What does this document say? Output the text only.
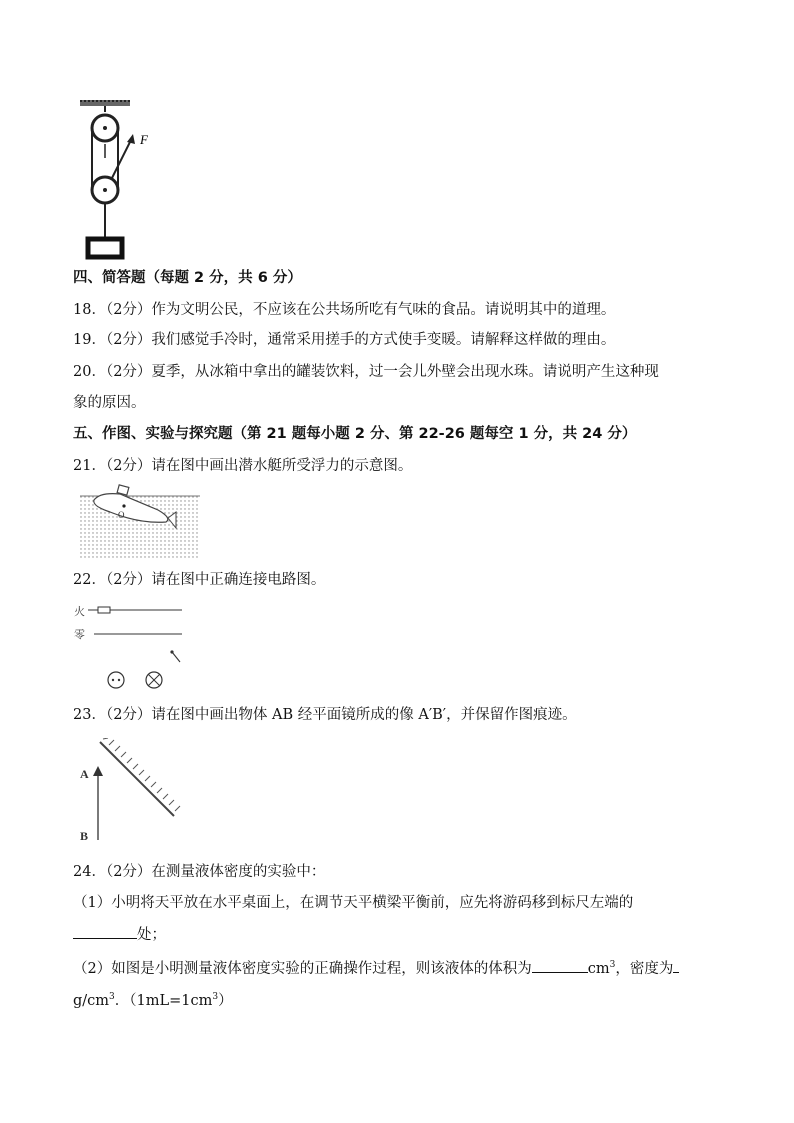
F
四、简答题（每题 2 分，共 6 分）
18．（2分）作为文明公民，不应该在公共场所吃有气味的食品。请说明其中的道理。
19．（2分）我们感觉手冷时，通常采用搓手的方式使手变暖。请解释这样做的理由。
20．（2分）夏季，从冰箱中拿出的罐装饮料，过一会儿外壁会出现水珠。请说明产生这种现
象的原因。
五、作图、实验与探究题（第 21 题每小题 2 分、第 22-26 题每空 1 分，共 24 分）
21．（2分）请在图中画出潜水艇所受浮力的示意图。
O
22．（2分）请在图中正确连接电路图。
火
零
23．（2分）请在图中画出物体 AB 经平面镜所成的像 A′B′，并保留作图痕迹。
A
B
24．（2分）在测量液体密度的实验中：
（1）小明将天平放在水平桌面上，在调节天平横梁平衡前，应先将游码移到标尺左端的
处；
（2）如图是小明测量液体密度实验的正确操作过程，则该液体的体积为	$cm^3$，密度为
$g/cm^3$．$(1mL=1cm^3)$
